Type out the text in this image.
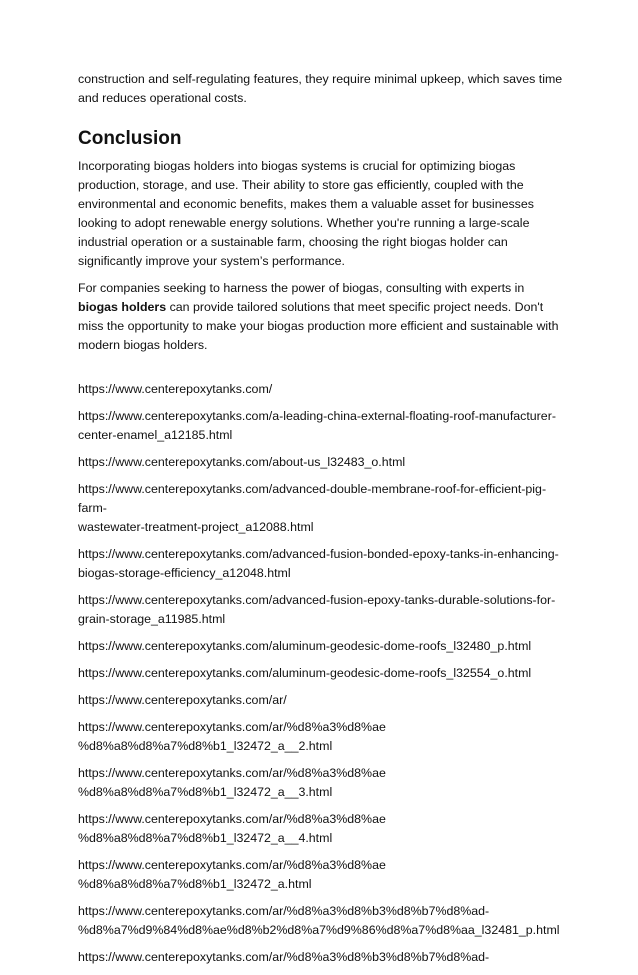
construction and self-regulating features, they require minimal upkeep, which saves time and reduces operational costs.

Conclusion

Incorporating biogas holders into biogas systems is crucial for optimizing biogas production, storage, and use. Their ability to store gas efficiently, coupled with the environmental and economic benefits, makes them a valuable asset for businesses looking to adopt renewable energy solutions. Whether you're running a large-scale industrial operation or a sustainable farm, choosing the right biogas holder can significantly improve your system’s performance.

For companies seeking to harness the power of biogas, consulting with experts in biogas holders can provide tailored solutions that meet specific project needs. Don't miss the opportunity to make your biogas production more efficient and sustainable with modern biogas holders.

https://www.centerepoxytanks.com/

https://www.centerepoxytanks.com/a-leading-china-external-floating-roof-manufacturer-
center-enamel_a12185.html

https://www.centerepoxytanks.com/about-us_l32483_o.html

https://www.centerepoxytanks.com/advanced-double-membrane-roof-for-efficient-pig-farm-
wastewater-treatment-project_a12088.html

https://www.centerepoxytanks.com/advanced-fusion-bonded-epoxy-tanks-in-enhancing-
biogas-storage-efficiency_a12048.html

https://www.centerepoxytanks.com/advanced-fusion-epoxy-tanks-durable-solutions-for-
grain-storage_a11985.html

https://www.centerepoxytanks.com/aluminum-geodesic-dome-roofs_l32480_p.html

https://www.centerepoxytanks.com/aluminum-geodesic-dome-roofs_l32554_o.html

https://www.centerepoxytanks.com/ar/

https://www.centerepoxytanks.com/ar/%d8%a3%d8%ae
%d8%a8%d8%a7%d8%b1_l32472_a__2.html

https://www.centerepoxytanks.com/ar/%d8%a3%d8%ae
%d8%a8%d8%a7%d8%b1_l32472_a__3.html

https://www.centerepoxytanks.com/ar/%d8%a3%d8%ae
%d8%a8%d8%a7%d8%b1_l32472_a__4.html

https://www.centerepoxytanks.com/ar/%d8%a3%d8%ae
%d8%a8%d8%a7%d8%b1_l32472_a.html

https://www.centerepoxytanks.com/ar/%d8%a3%d8%b3%d8%b7%d8%ad-
%d8%a7%d9%84%d8%ae%d8%b2%d8%a7%d9%86%d8%a7%d8%aa_l32481_p.html

https://www.centerepoxytanks.com/ar/%d8%a3%d8%b3%d8%b7%d8%ad-
